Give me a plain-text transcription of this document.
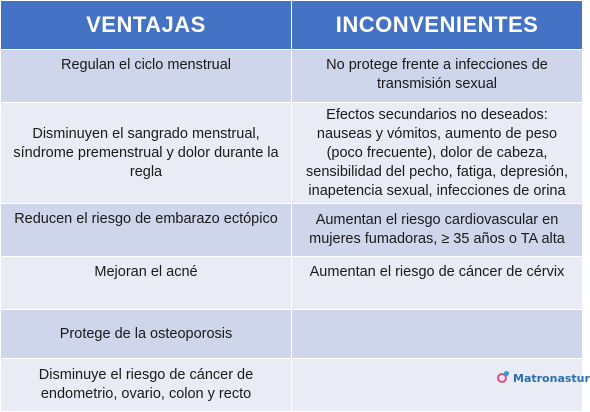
VENTAJAS	INCONVENIENTES
Regulan el ciclo menstrual	No protege frente a infecciones de transmisión sexual
Disminuyen el sangrado menstrual, síndrome premenstrual y dolor durante la regla	Efectos secundarios no deseados: nauseas y vómitos, aumento de peso (poco frecuente), dolor de cabeza, sensibilidad del pecho, fatiga, depresión, inapetencia sexual, infecciones de orina
Reducen el riesgo de embarazo ectópico	Aumentan el riesgo cardiovascular en mujeres fumadoras, ≥ 35 años o TA alta
Mejoran el acné	Aumentan el riesgo de cáncer de cérvix
Protege de la osteoporosis	
Disminuye el riesgo de cáncer de endometrio, ovario, colon y recto	
Matronastur
